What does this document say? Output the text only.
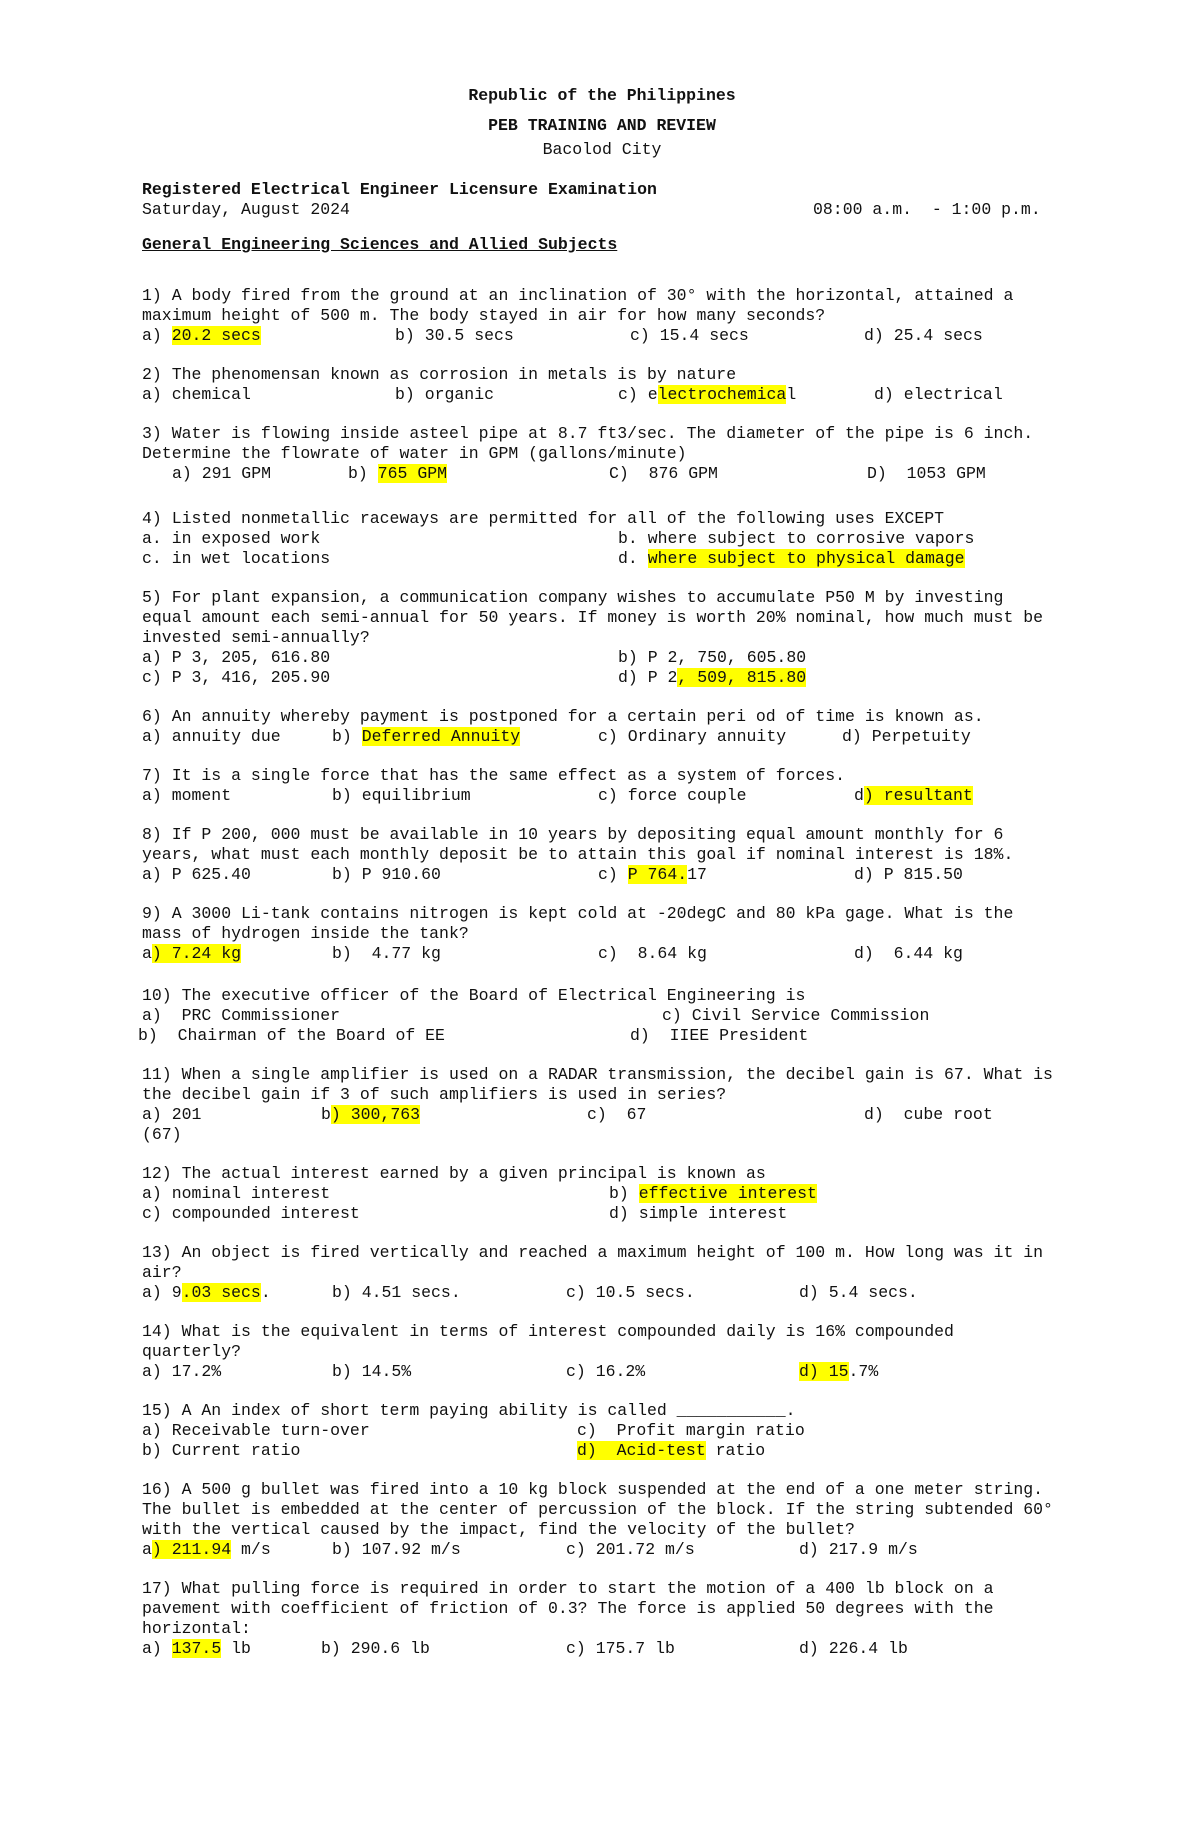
Republic of the Philippines
PEB TRAINING AND REVIEW
Bacolod City
Registered Electrical Engineer Licensure Examination

Saturday, August 2024

	08:00 a.m.  - 1:00 p.m.

General Engineering Sciences and Allied Subjects
1) A body fired from the ground at an inclination of 30° with the horizontal, attained a maximum height of 500 m. The body stayed in air for how many seconds?

a) 20.2 secs

	b) 30.5 secs

	c) 15.4 secs

	d) 25.4 secs

2) The phenomensan known as corrosion in metals is by nature

a) chemical

	b) organic

	c) electrochemical

	d) electrical

3) Water is flowing inside asteel pipe at 8.7 ft3/sec. The diameter of the pipe is 6 inch. Determine the flowrate of water in GPM (gallons/minute)

a) 291 GPM

	b) 765 GPM

	C)  876 GPM

	D)  1053 GPM

4) Listed nonmetallic raceways are permitted for all of the following uses EXCEPT

a. in exposed work

	b. where subject to corrosive vapors

c. in wet locations

	d. where subject to physical damage

5) For plant expansion, a communication company wishes to accumulate P50 M by investing equal amount each semi-annual for 50 years. If money is worth 20% nominal, how much must be invested semi-annually?

a) P 3, 205, 616.80

	b) P 2, 750, 605.80

c) P 3, 416, 205.90

	d) P 2, 509, 815.80

6) An annuity whereby payment is postponed for a certain peri od of time is known as.

a) annuity due

	b) Deferred Annuity

	c) Ordinary annuity

	d) Perpetuity

7) It is a single force that has the same effect as a system of forces.

a) moment

	b) equilibrium

	c) force couple

	d) resultant

8) If P 200, 000 must be available in 10 years by depositing equal amount monthly for 6 years, what must each monthly deposit be to attain this goal if nominal interest is 18%.

a) P 625.40

	b) P 910.60

	c) P 764.17

	d) P 815.50

9) A 3000 Li-tank contains nitrogen is kept cold at -20degC and 80 kPa gage. What is the mass of hydrogen inside the tank?

a) 7.24 kg

	b)  4.77 kg

	c)  8.64 kg

	d)  6.44 kg

10) The executive officer of the Board of Electrical Engineering is

a)  PRC Commissioner

	c) Civil Service Commission

b)  Chairman of the Board of EE

	d)  IIEE President

11) When a single amplifier is used on a RADAR transmission, the decibel gain is 67. What is the decibel gain if 3 of such amplifiers is used in series?

a) 201

	b) 300,763

	c)  67

	d)  cube root

(67)

12) The actual interest earned by a given principal is known as

a) nominal interest

	b) effective interest

c) compounded interest

	d) simple interest

13) An object is fired vertically and reached a maximum height of 100 m. How long was it in air?

a) 9.03 secs.

	b) 4.51 secs.

	c) 10.5 secs.

	d) 5.4 secs.

14) What is the equivalent in terms of interest compounded daily is 16% compounded quarterly?

a) 17.2%

	b) 14.5%

	c) 16.2%

	d) 15.7%

15) A An index of short term paying ability is called ___________.

a) Receivable turn-over

	c)  Profit margin ratio

b) Current ratio

	d)  Acid-test ratio

16) A 500 g bullet was fired into a 10 kg block suspended at the end of a one meter string. The bullet is embedded at the center of percussion of the block. If the string subtended 60° with the vertical caused by the impact, find the velocity of the bullet?

a) 211.94 m/s

	b) 107.92 m/s

	c) 201.72 m/s

	d) 217.9 m/s

17) What pulling force is required in order to start the motion of a 400 lb block on a pavement with coefficient of friction of 0.3? The force is applied 50 degrees with the horizontal:

a) 137.5 lb

	b) 290.6 lb

	c) 175.7 lb

	d) 226.4 lb
